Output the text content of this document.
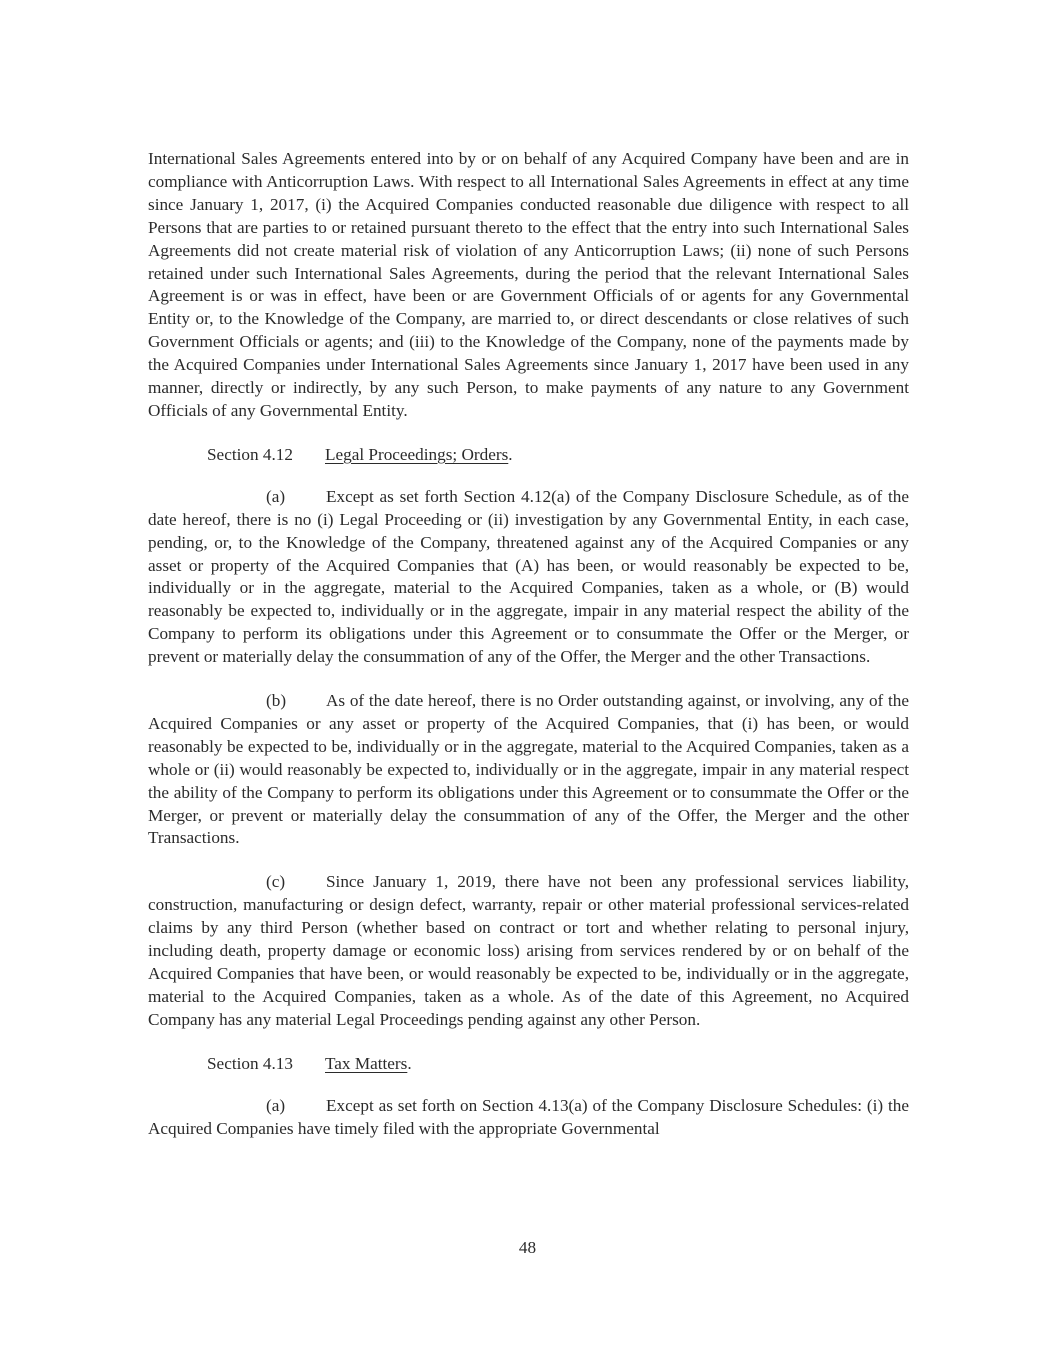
International Sales Agreements entered into by or on behalf of any Acquired Company have been and are in compliance with Anticorruption Laws. With respect to all International Sales Agreements in effect at any time since January 1, 2017, (i) the Acquired Companies conducted reasonable due diligence with respect to all Persons that are parties to or retained pursuant thereto to the effect that the entry into such International Sales Agreements did not create material risk of violation of any Anticorruption Laws; (ii) none of such Persons retained under such International Sales Agreements, during the period that the relevant International Sales Agreement is or was in effect, have been or are Government Officials of or agents for any Governmental Entity or, to the Knowledge of the Company, are married to, or direct descendants or close relatives of such Government Officials or agents; and (iii) to the Knowledge of the Company, none of the payments made by the Acquired Companies under International Sales Agreements since January 1, 2017 have been used in any manner, directly or indirectly, by any such Person, to make payments of any nature to any Government Officials of any Governmental Entity.

Section 4.12 Legal Proceedings; Orders.

(a) Except as set forth Section 4.12(a) of the Company Disclosure Schedule, as of the date hereof, there is no (i) Legal Proceeding or (ii) investigation by any Governmental Entity, in each case, pending, or, to the Knowledge of the Company, threatened against any of the Acquired Companies or any asset or property of the Acquired Companies that (A) has been, or would reasonably be expected to be, individually or in the aggregate, material to the Acquired Companies, taken as a whole, or (B) would reasonably be expected to, individually or in the aggregate, impair in any material respect the ability of the Company to perform its obligations under this Agreement or to consummate the Offer or the Merger, or prevent or materially delay the consummation of any of the Offer, the Merger and the other Transactions.

(b) As of the date hereof, there is no Order outstanding against, or involving, any of the Acquired Companies or any asset or property of the Acquired Companies, that (i) has been, or would reasonably be expected to be, individually or in the aggregate, material to the Acquired Companies, taken as a whole or (ii) would reasonably be expected to, individually or in the aggregate, impair in any material respect the ability of the Company to perform its obligations under this Agreement or to consummate the Offer or the Merger, or prevent or materially delay the consummation of any of the Offer, the Merger and the other Transactions.

(c) Since January 1, 2019, there have not been any professional services liability, construction, manufacturing or design defect, warranty, repair or other material professional services-related claims by any third Person (whether based on contract or tort and whether relating to personal injury, including death, property damage or economic loss) arising from services rendered by or on behalf of the Acquired Companies that have been, or would reasonably be expected to be, individually or in the aggregate, material to the Acquired Companies, taken as a whole. As of the date of this Agreement, no Acquired Company has any material Legal Proceedings pending against any other Person.

Section 4.13 Tax Matters.

(a) Except as set forth on Section 4.13(a) of the Company Disclosure Schedules: (i) the Acquired Companies have timely filed with the appropriate Governmental

48
